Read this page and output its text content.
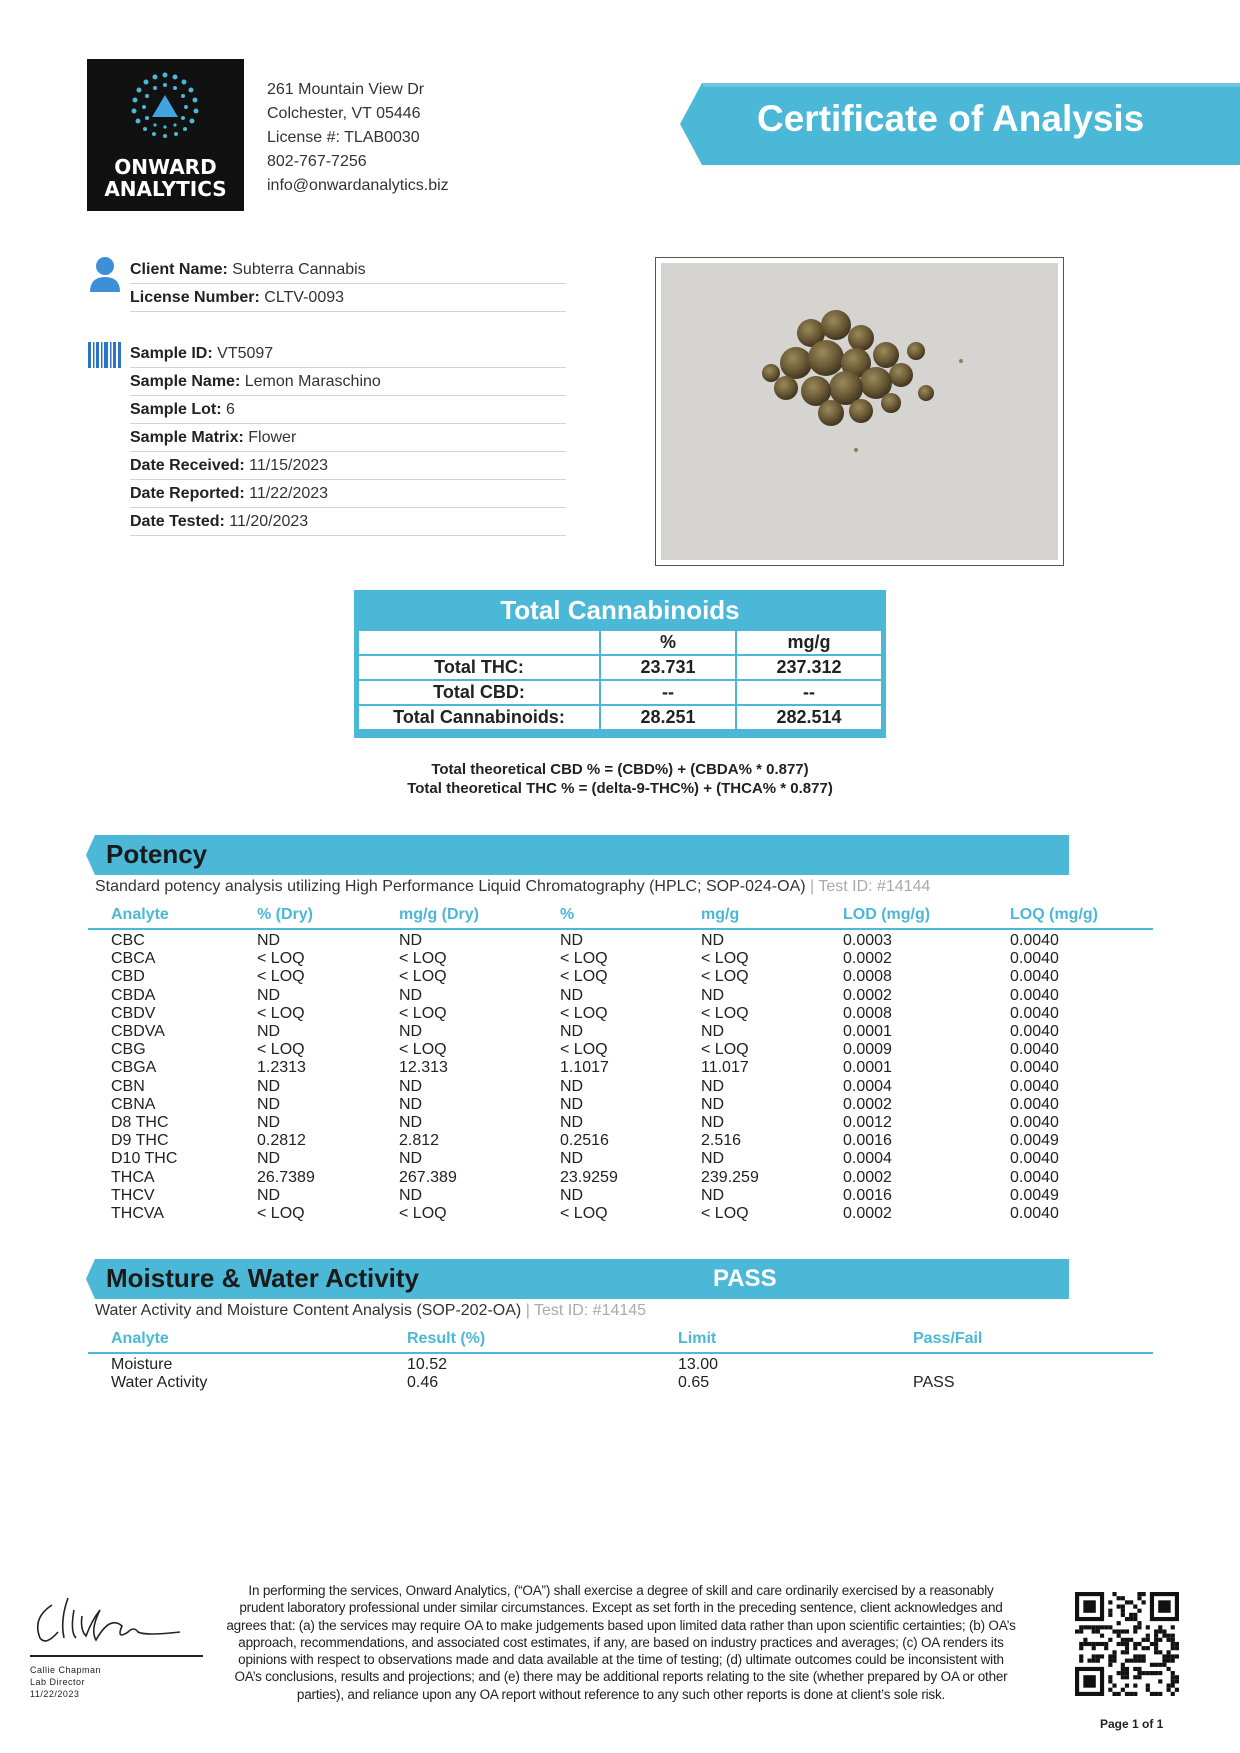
ONWARD
ANALYTICS
261 Mountain View Dr
Colchester, VT 05446
License #: TLAB0030
802-767-7256
info@onwardanalytics.biz
Certificate of Analysis
Client Name: Subterra Cannabis
License Number: CLTV-0093
Sample ID: VT5097
Sample Name: Lemon Maraschino
Sample Lot: 6
Sample Matrix: Flower
Date Received: 11/15/2023
Date Reported: 11/22/2023
Date Tested: 11/20/2023
Total Cannabinoids
	%	mg/g
Total THC:	23.731	237.312
Total CBD:	--	--
Total Cannabinoids:	28.251	282.514
Total theoretical CBD % = (CBD%) + (CBDA% * 0.877)
Total theoretical THC % = (delta-9-THC%) + (THCA% * 0.877)
Potency
Standard potency analysis utilizing High Performance Liquid Chromatography (HPLC; SOP-024-OA) | Test ID: #14144
Analyte	% (Dry)	mg/g (Dry)	%	mg/g	LOD (mg/g)	LOQ (mg/g)
CBC	ND	ND	ND	ND	0.0003	0.0040
CBCA	< LOQ	< LOQ	< LOQ	< LOQ	0.0002	0.0040
CBD	< LOQ	< LOQ	< LOQ	< LOQ	0.0008	0.0040
CBDA	ND	ND	ND	ND	0.0002	0.0040
CBDV	< LOQ	< LOQ	< LOQ	< LOQ	0.0008	0.0040
CBDVA	ND	ND	ND	ND	0.0001	0.0040
CBG	< LOQ	< LOQ	< LOQ	< LOQ	0.0009	0.0040
CBGA	1.2313	12.313	1.1017	11.017	0.0001	0.0040
CBN	ND	ND	ND	ND	0.0004	0.0040
CBNA	ND	ND	ND	ND	0.0002	0.0040
D8 THC	ND	ND	ND	ND	0.0012	0.0040
D9 THC	0.2812	2.812	0.2516	2.516	0.0016	0.0049
D10 THC	ND	ND	ND	ND	0.0004	0.0040
THCA	26.7389	267.389	23.9259	239.259	0.0002	0.0040
THCV	ND	ND	ND	ND	0.0016	0.0049
THCVA	< LOQ	< LOQ	< LOQ	< LOQ	0.0002	0.0040
Moisture & Water Activity	PASS
Water Activity and Moisture Content Analysis (SOP-202-OA) | Test ID: #14145
Analyte	Result (%)	Limit	Pass/Fail
Moisture	10.52	13.00
Water Activity	0.46	0.65	PASS
Callie Chapman
Lab Director
11/22/2023
In performing the services, Onward Analytics, (“OA”) shall exercise a degree of skill and care ordinarily exercised by a reasonably prudent laboratory professional under similar circumstances. Except as set forth in the preceding sentence, client acknowledges and agrees that: (a) the services may require OA to make judgements based upon limited data rather than upon scientific certainties; (b) OA’s approach, recommendations, and associated cost estimates, if any, are based on industry practices and averages; (c) OA renders its opinions with respect to observations made and data available at the time of testing; (d) ultimate outcomes could be inconsistent with OA’s conclusions, results and projections; and (e) there may be additional reports relating to the site (whether prepared by OA or other parties), and reliance upon any OA report without reference to any such other reports is done at client’s sole risk.
Page 1 of 1
